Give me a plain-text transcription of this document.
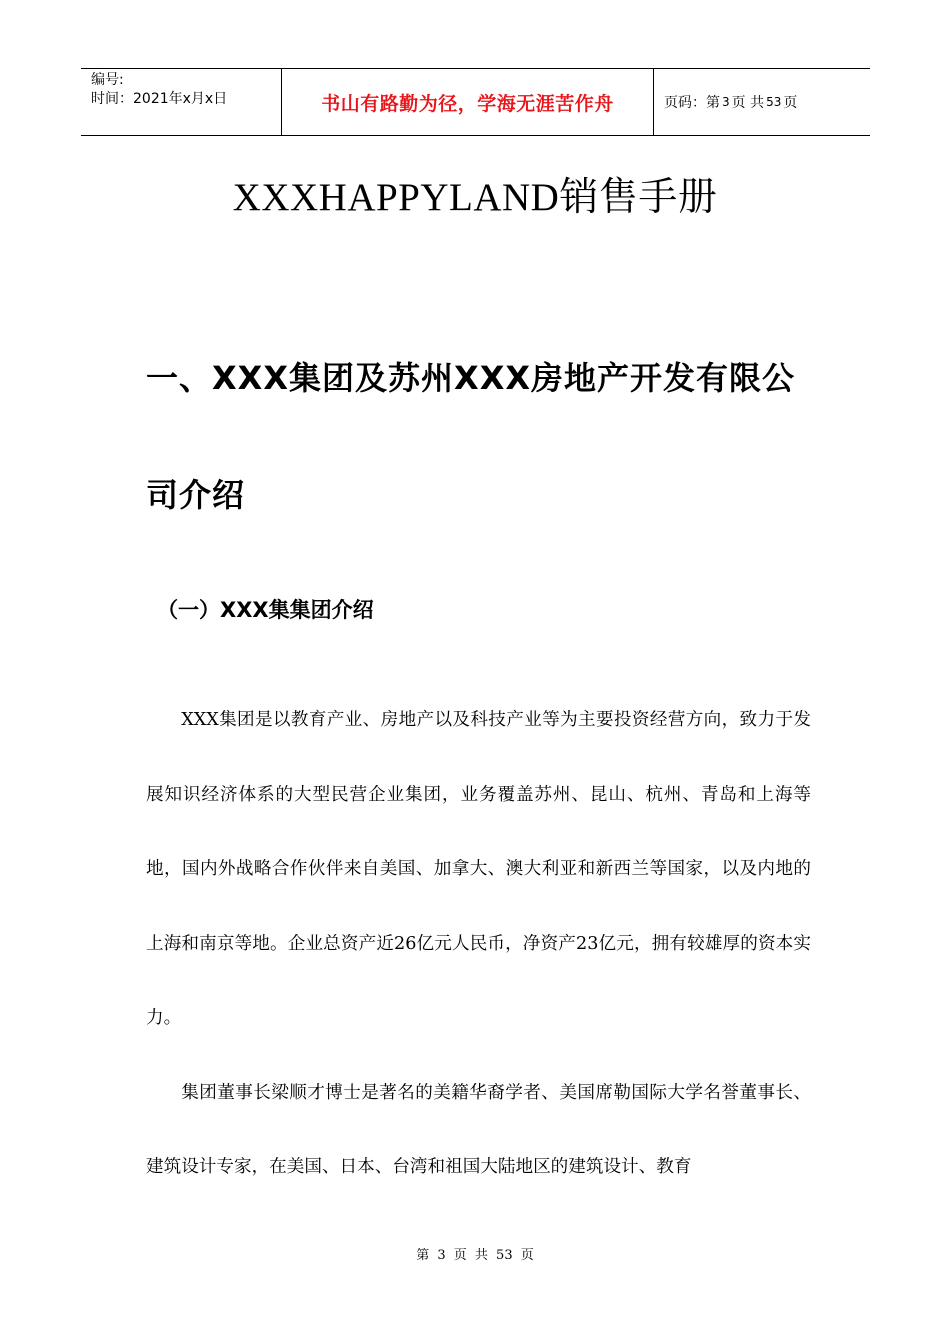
编号:
时间：2021年x月x日	书山有路勤为径，学海无涯苦作舟	页码：第 3 页 共 53 页
XXXHAPPYLAND销售手册
一、XXX集团及苏州XXX房地产开发有限公司介绍
（一）XXX集集团介绍

XXX集团是以教育产业、房地产以及科技产业等为主要投资经营方向，致力于发展知识经济体系的大型民营企业集团，业务覆盖苏州、昆山、杭州、青岛和上海等地，国内外战略合作伙伴来自美国、加拿大、澳大利亚和新西兰等国家，以及内地的上海和南京等地。企业总资产近26亿元人民币，净资产23亿元，拥有较雄厚的资本实力。

集团董事长梁顺才博士是著名的美籍华裔学者、美国席勒国际大学名誉董事长、建筑设计专家，在美国、日本、台湾和祖国大陆地区的建筑设计、教育

第 3 页 共 53 页
